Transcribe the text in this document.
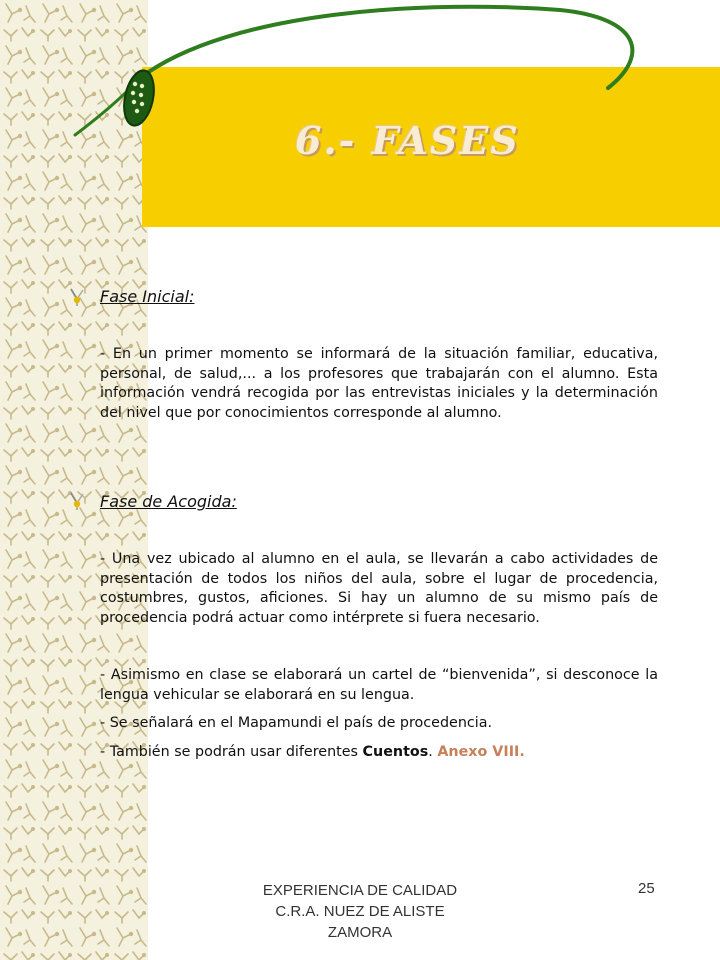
6.- FASES
Fase Inicial:

- En un primer momento se informará de la situación familiar, educativa, personal, de salud,... a los profesores que trabajarán con el alumno. Esta información vendrá recogida por las entrevistas iniciales y la determinación del nivel que por conocimientos corresponde al alumno.

Fase de Acogida:

- Una vez ubicado al alumno en el aula, se llevarán a cabo actividades de presentación de todos los niños del aula, sobre el lugar de procedencia, costumbres, gustos, aficiones. Si hay un alumno de su mismo país de procedencia podrá actuar como intérprete si fuera necesario.

- Asimismo en clase se elaborará un cartel de “bienvenida”, si desconoce la lengua vehicular se elaborará en su lengua.

- Se señalará en el Mapamundi el país de procedencia.

- También se podrán usar diferentes Cuentos. Anexo VIII.

EXPERIENCIA DE CALIDAD
C.R.A. NUEZ DE ALISTE
ZAMORA
25
